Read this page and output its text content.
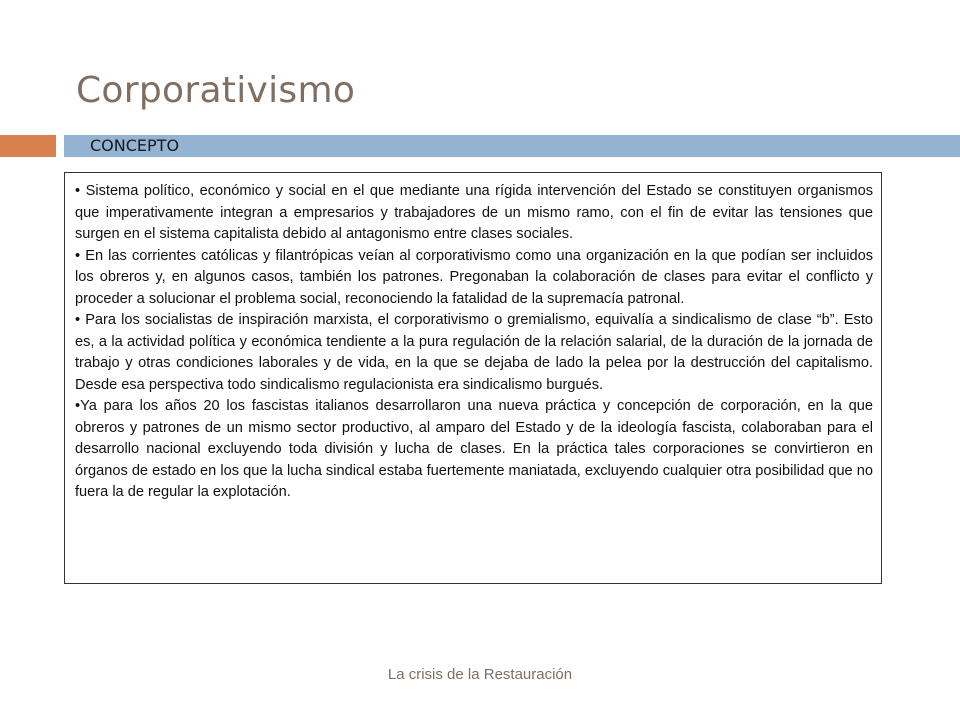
Corporativismo
CONCEPTO

• Sistema político, económico y social en el que mediante una rígida intervención del Estado se constituyen organismos que imperativamente integran a empresarios y trabajadores de un mismo ramo, con el fin de evitar las tensiones que surgen en el sistema capitalista debido al antagonismo entre clases sociales.

• En las corrientes católicas y filantrópicas veían al corporativismo como una organización en la que podían ser incluidos los obreros y, en algunos casos, también los patrones. Pregonaban la colaboración de clases para evitar el conflicto y proceder a solucionar el problema social, reconociendo la fatalidad de la supremacía patronal.

• Para los socialistas de inspiración marxista, el corporativismo o gremialismo, equivalía a sindicalismo de clase “b”. Esto es, a la actividad política y económica tendiente a la pura regulación de la relación salarial, de la duración de la jornada de trabajo y otras condiciones laborales y de vida, en la que se dejaba de lado la pelea por la destrucción del capitalismo. Desde esa perspectiva todo sindicalismo regulacionista era sindicalismo burgués.

•Ya para los años 20 los fascistas italianos desarrollaron una nueva práctica y concepción de corporación, en la que obreros y patrones de un mismo sector productivo, al amparo del Estado y de la ideología fascista, colaboraban para el desarrollo nacional excluyendo toda división y lucha de clases. En la práctica tales corporaciones se convirtieron en órganos de estado en los que la lucha sindical estaba fuertemente maniatada, excluyendo cualquier otra posibilidad que no fuera la de regular la explotación.

La crisis de la Restauración
